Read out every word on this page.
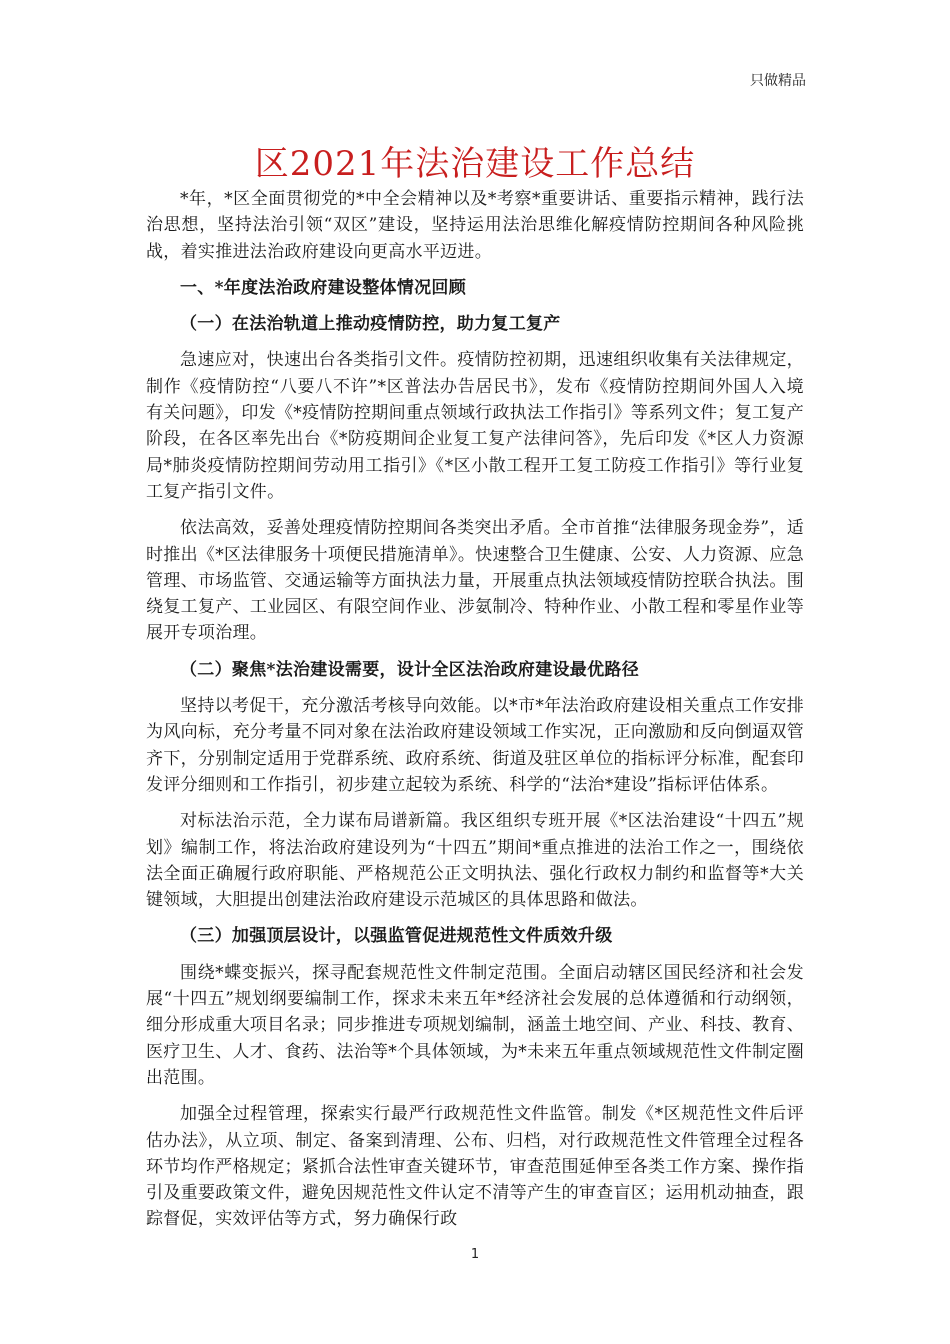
只做精品
区2021年法治建设工作总结

*年，*区全面贯彻党的*中全会精神以及*考察*重要讲话、重要指示精神，践行法治思想，坚持法治引领“双区”建设，坚持运用法治思维化解疫情防控期间各种风险挑战，着实推进法治政府建设向更高水平迈进。

一、*年度法治政府建设整体情况回顾

（一）在法治轨道上推动疫情防控，助力复工复产

急速应对，快速出台各类指引文件。疫情防控初期，迅速组织收集有关法律规定，制作《疫情防控“八要八不许”*区普法办告居民书》，发布《疫情防控期间外国人入境有关问题》，印发《*疫情防控期间重点领域行政执法工作指引》等系列文件；复工复产阶段，在各区率先出台《*防疫期间企业复工复产法律问答》，先后印发《*区人力资源局*肺炎疫情防控期间劳动用工指引》《*区小散工程开工复工防疫工作指引》等行业复工复产指引文件。

依法高效，妥善处理疫情防控期间各类突出矛盾。全市首推“法律服务现金券”，适时推出《*区法律服务十项便民措施清单》。快速整合卫生健康、公安、人力资源、应急管理、市场监管、交通运输等方面执法力量，开展重点执法领域疫情防控联合执法。围绕复工复产、工业园区、有限空间作业、涉氨制冷、特种作业、小散工程和零星作业等展开专项治理。

（二）聚焦*法治建设需要，设计全区法治政府建设最优路径

坚持以考促干，充分激活考核导向效能。以*市*年法治政府建设相关重点工作安排为风向标，充分考量不同对象在法治政府建设领域工作实况，正向激励和反向倒逼双管齐下，分别制定适用于党群系统、政府系统、街道及驻区单位的指标评分标准，配套印发评分细则和工作指引，初步建立起较为系统、科学的“法治*建设”指标评估体系。

对标法治示范，全力谋布局谱新篇。我区组织专班开展《*区法治建设“十四五”规划》编制工作，将法治政府建设列为“十四五”期间*重点推进的法治工作之一，围绕依法全面正确履行政府职能、严格规范公正文明执法、强化行政权力制约和监督等*大关键领域，大胆提出创建法治政府建设示范城区的具体思路和做法。

（三）加强顶层设计，以强监管促进规范性文件质效升级

围绕*蝶变振兴，探寻配套规范性文件制定范围。全面启动辖区国民经济和社会发展“十四五”规划纲要编制工作，探求未来五年*经济社会发展的总体遵循和行动纲领，细分形成重大项目名录；同步推进专项规划编制，涵盖土地空间、产业、科技、教育、医疗卫生、人才、食药、法治等*个具体领域，为*未来五年重点领域规范性文件制定圈出范围。

加强全过程管理，探索实行最严行政规范性文件监管。制发《*区规范性文件后评估办法》，从立项、制定、备案到清理、公布、归档，对行政规范性文件管理全过程各环节均作严格规定；紧抓合法性审查关键环节，审查范围延伸至各类工作方案、操作指引及重要政策文件，避免因规范性文件认定不清等产生的审查盲区；运用机动抽查，跟踪督促，实效评估等方式，努力确保行政

1
